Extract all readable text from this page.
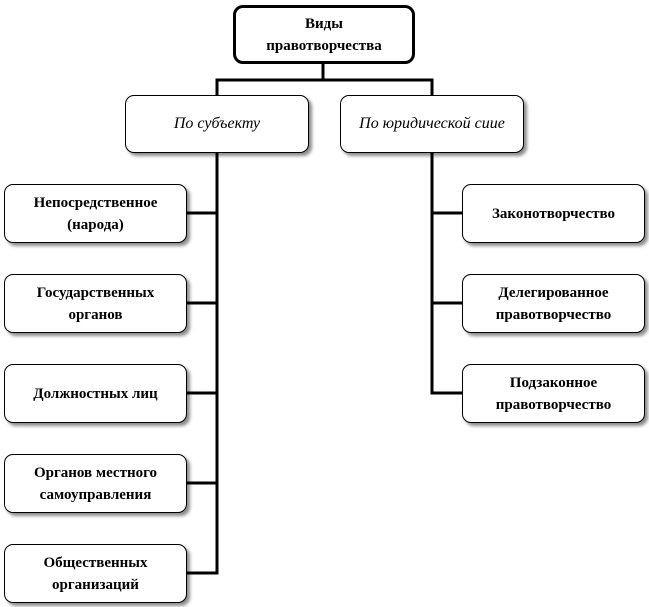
Виды
правотворчества
По субъекту	По юридической сиие
Непосредственное
(народа)
Государственных
органов
Должностных лиц
Органов местного
самоуправления
Общественных
организаций
Законотворчество
Делегированное
правотворчество
Подзаконное
правотворчество
